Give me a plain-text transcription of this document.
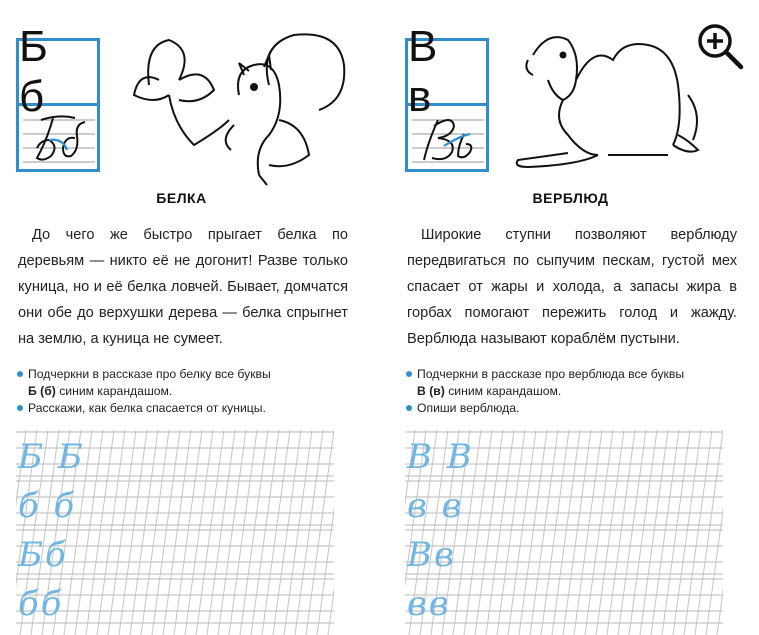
Б б
БЕЛКА

До чего же быстро прыгает белка по деревьям — никто её не догонит! Разве только куница, но и её белка ловчей. Бывает, домчатся они обе до верхушки дерева — белка спрыгнет на землю, а куница не сумеет.

Подчеркни в рассказе про белку все буквы
Б (б) синим карандашом.
Расскажи, как белка спасается от куницы.
Б Б
б б
Бб
бб
В в
ВЕРБЛЮД

Широкие ступни позволяют верблюду передвигаться по сыпучим пескам, густой мех спасает от жары и холода, а запасы жира в горбах помогают пережить голод и жажду. Верблюда называют кораблём пустыни.

Подчеркни в рассказе про верблюда все буквы
В (в) синим карандашом.
Опиши верблюда.
В В
в в
Вв
вв
